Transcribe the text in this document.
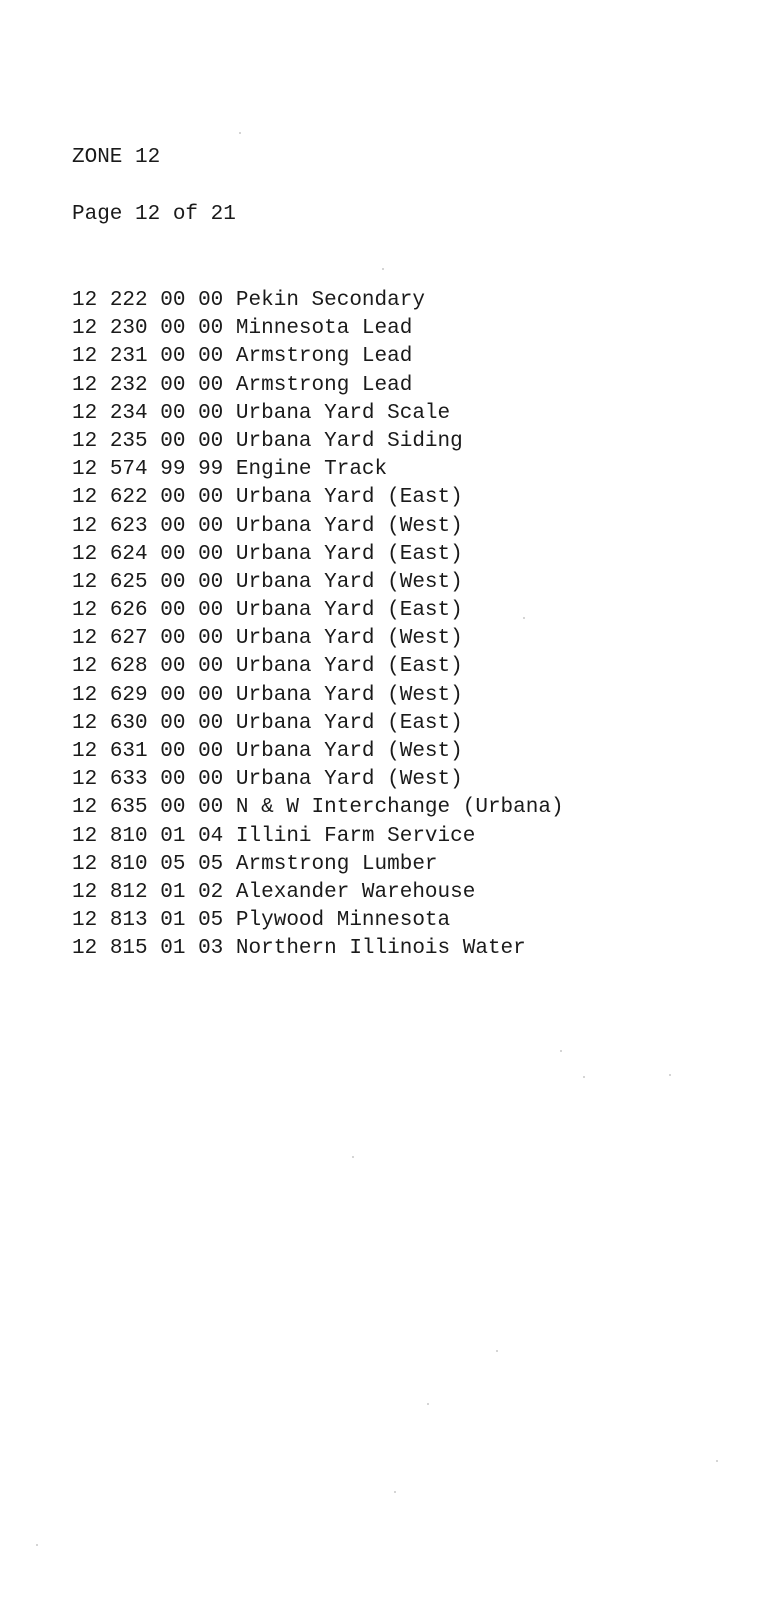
ZONE 12
Page 12 of 21
12 222 00 00 Pekin Secondary
12 230 00 00 Minnesota Lead
12 231 00 00 Armstrong Lead
12 232 00 00 Armstrong Lead
12 234 00 00 Urbana Yard Scale
12 235 00 00 Urbana Yard Siding
12 574 99 99 Engine Track
12 622 00 00 Urbana Yard (East)
12 623 00 00 Urbana Yard (West)
12 624 00 00 Urbana Yard (East)
12 625 00 00 Urbana Yard (West)
12 626 00 00 Urbana Yard (East)
12 627 00 00 Urbana Yard (West)
12 628 00 00 Urbana Yard (East)
12 629 00 00 Urbana Yard (West)
12 630 00 00 Urbana Yard (East)
12 631 00 00 Urbana Yard (West)
12 633 00 00 Urbana Yard (West)
12 635 00 00 N & W Interchange (Urbana)
12 810 01 04 Illini Farm Service
12 810 05 05 Armstrong Lumber
12 812 01 02 Alexander Warehouse
12 813 01 05 Plywood Minnesota
12 815 01 03 Northern Illinois Water
